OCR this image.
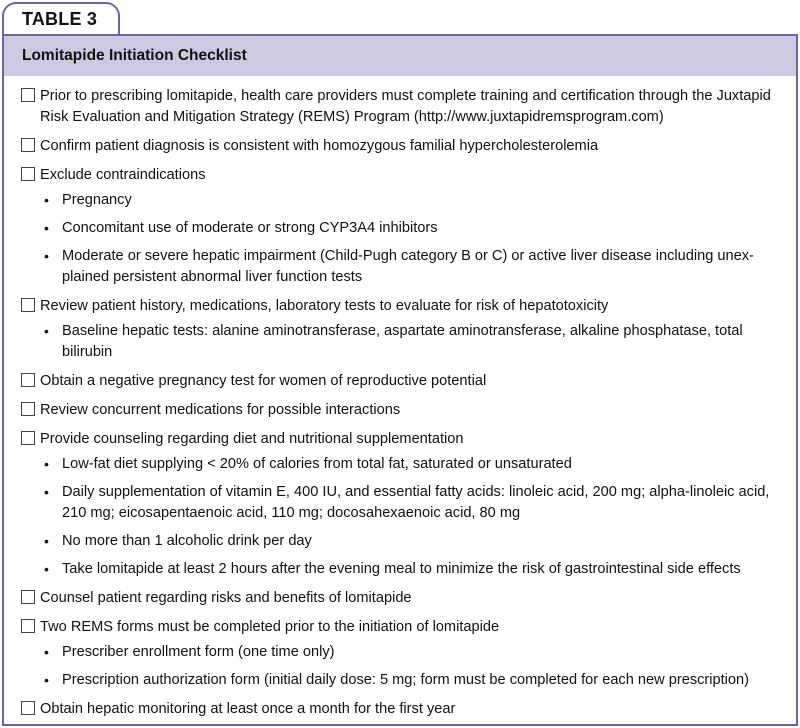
TABLE 3
Lomitapide Initiation Checklist
Prior to prescribing lomitapide, health care providers must complete training and certification through the Juxtapid Risk Evaluation and Mitigation Strategy (REMS) Program (http://www.juxtapidremsprogram.com)
Confirm patient diagnosis is consistent with homozygous familial hypercholesterolemia
Exclude contraindications
• Pregnancy
• Concomitant use of moderate or strong CYP3A4 inhibitors
• Moderate or severe hepatic impairment (Child-Pugh category B or C) or active liver disease including unex-plained persistent abnormal liver function tests
Review patient history, medications, laboratory tests to evaluate for risk of hepatotoxicity
• Baseline hepatic tests: alanine aminotransferase, aspartate aminotransferase, alkaline phosphatase, total bilirubin
Obtain a negative pregnancy test for women of reproductive potential
Review concurrent medications for possible interactions
Provide counseling regarding diet and nutritional supplementation
• Low-fat diet supplying < 20% of calories from total fat, saturated or unsaturated
• Daily supplementation of vitamin E, 400 IU, and essential fatty acids: linoleic acid, 200 mg; alpha-linoleic acid, 210 mg; eicosapentaenoic acid, 110 mg; docosahexaenoic acid, 80 mg
• No more than 1 alcoholic drink per day
• Take lomitapide at least 2 hours after the evening meal to minimize the risk of gastrointestinal side effects
Counsel patient regarding risks and benefits of lomitapide
Two REMS forms must be completed prior to the initiation of lomitapide
• Prescriber enrollment form (one time only)
• Prescription authorization form (initial daily dose: 5 mg; form must be completed for each new prescription)
Obtain hepatic monitoring at least once a month for the first year
